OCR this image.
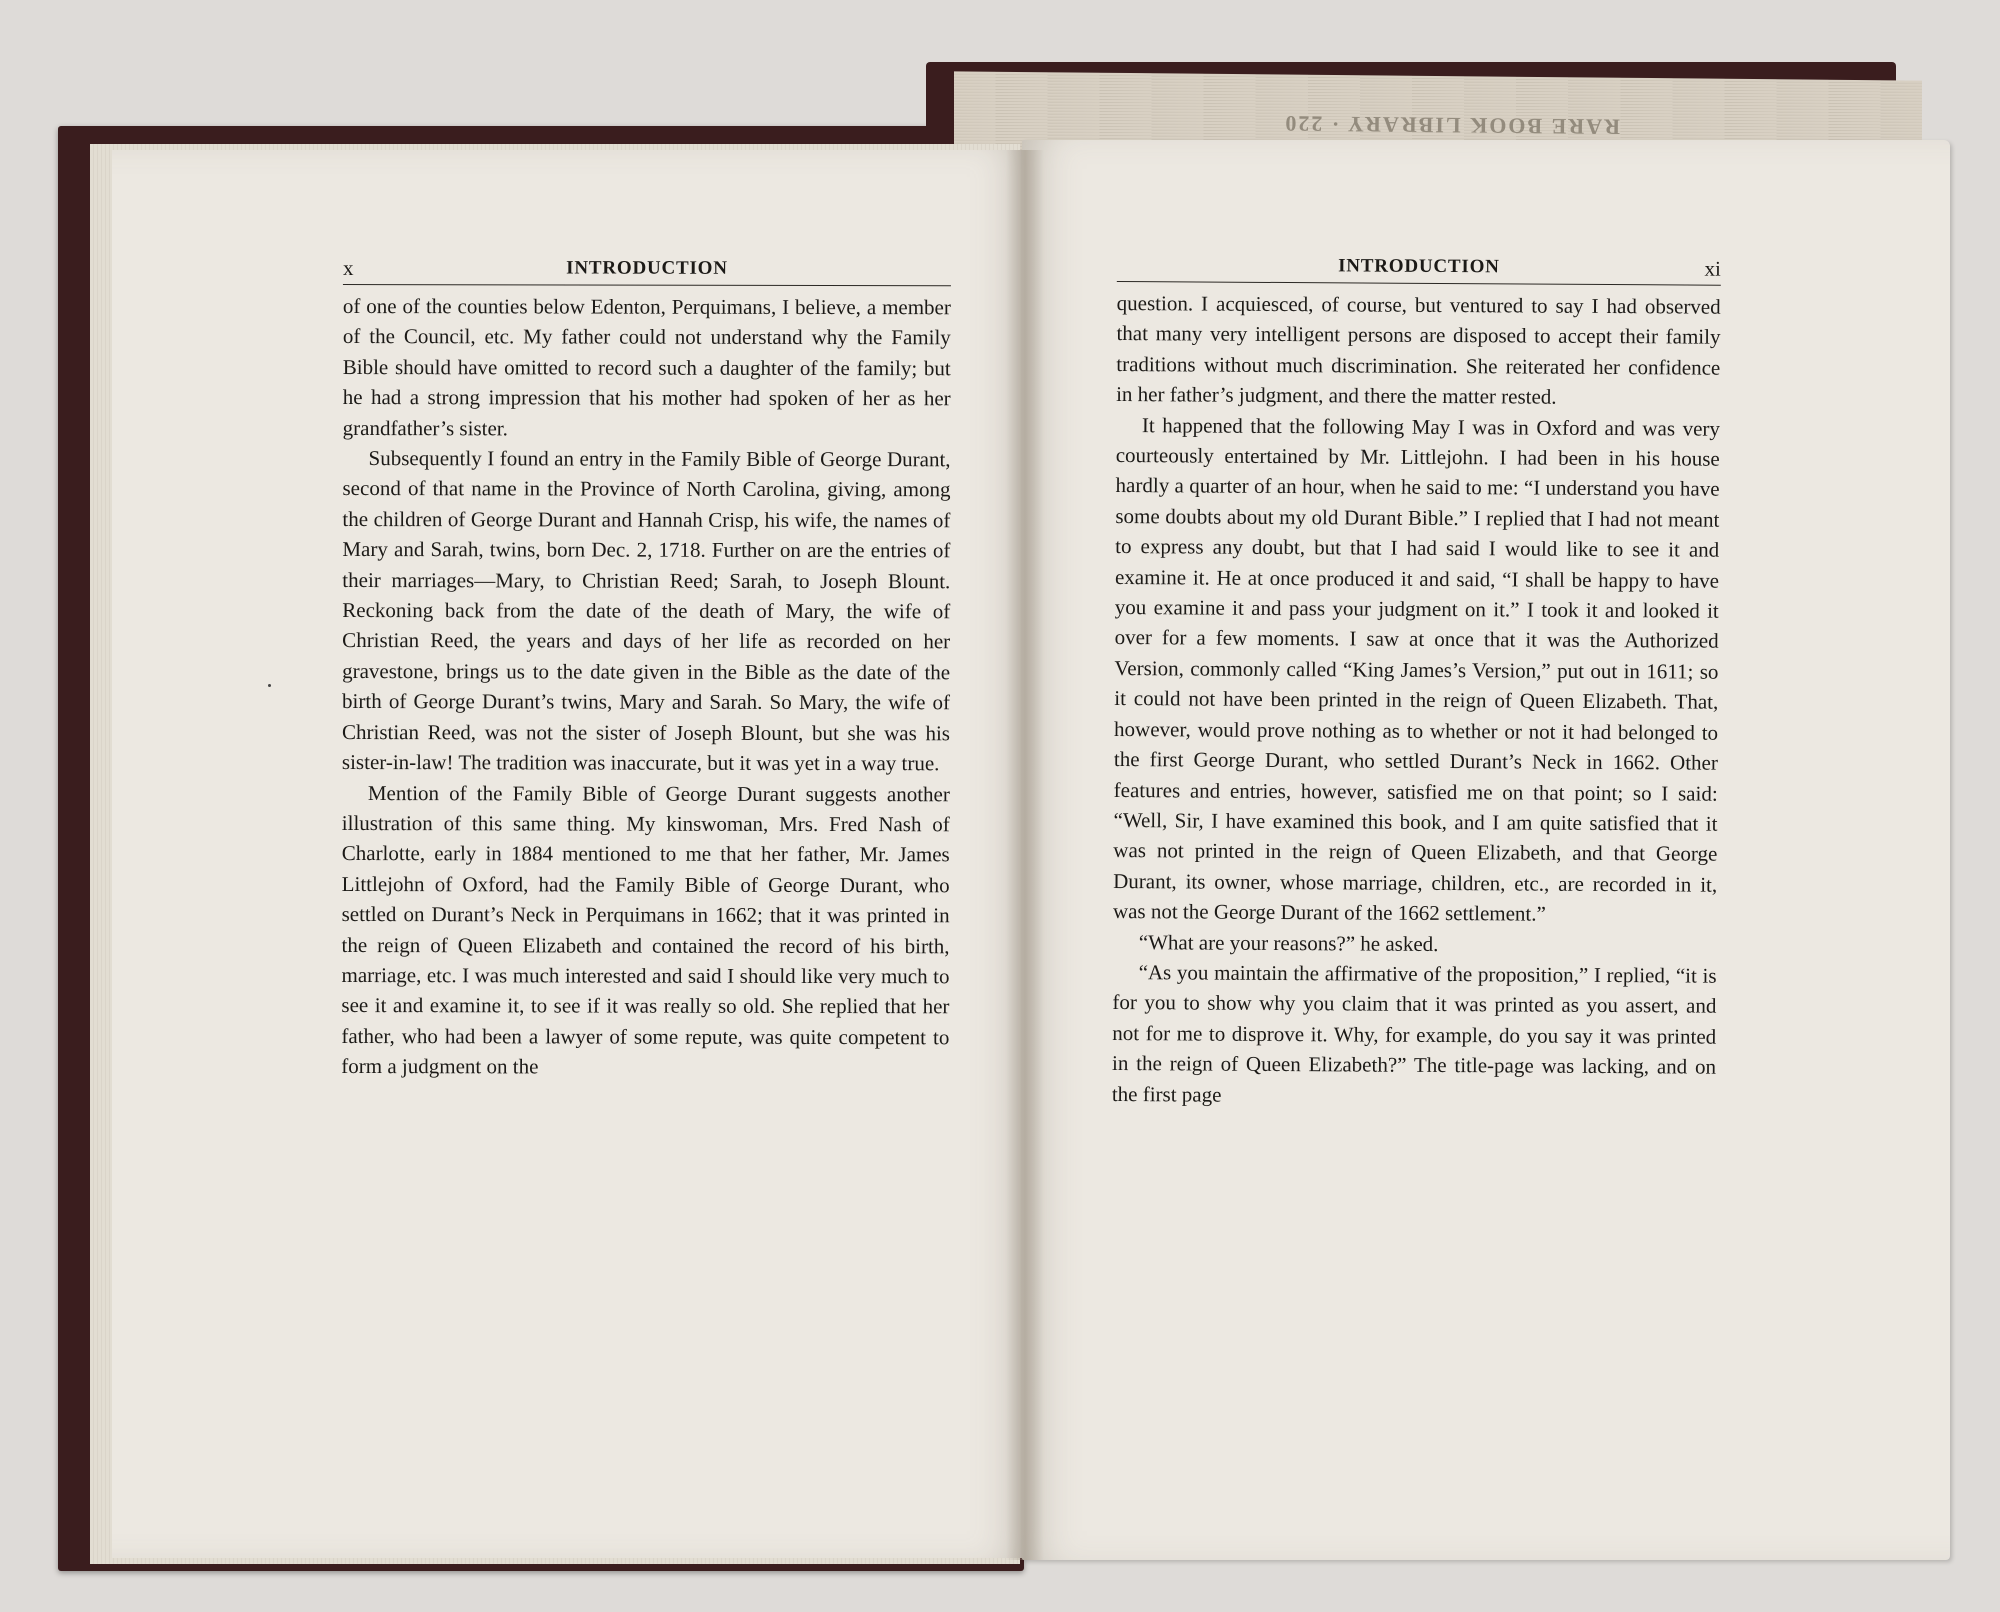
RARE BOOK LIBRARY · 220
x	INTRODUCTION

of one of the counties below Edenton, Perquimans, I believe, a member of the Council, etc. My father could not understand why the Family Bible should have omitted to record such a daughter of the family; but he had a strong impression that his mother had spoken of her as her grandfather’s sister.

Subsequently I found an entry in the Family Bible of George Durant, second of that name in the Province of North Carolina, giving, among the children of George Durant and Hannah Crisp, his wife, the names of Mary and Sarah, twins, born Dec. 2, 1718. Further on are the entries of their marriages—Mary, to Christian Reed; Sarah, to Joseph Blount. Reckoning back from the date of the death of Mary, the wife of Christian Reed, the years and days of her life as recorded on her gravestone, brings us to the date given in the Bible as the date of the birth of George Durant’s twins, Mary and Sarah. So Mary, the wife of Christian Reed, was not the sister of Joseph Blount, but she was his sister-in-law! The tradition was inaccurate, but it was yet in a way true.

Mention of the Family Bible of George Durant suggests another illustration of this same thing. My kinswoman, Mrs. Fred Nash of Charlotte, early in 1884 mentioned to me that her father, Mr. James Littlejohn of Oxford, had the Family Bible of George Durant, who settled on Durant’s Neck in Perquimans in 1662; that it was printed in the reign of Queen Elizabeth and contained the record of his birth, marriage, etc. I was much interested and said I should like very much to see it and examine it, to see if it was really so old. She replied that her father, who had been a lawyer of some repute, was quite competent to form a judgment on the

INTRODUCTION	xi

question. I acquiesced, of course, but ventured to say I had observed that many very intelligent persons are disposed to accept their family traditions without much discrimination. She reiterated her confidence in her father’s judgment, and there the matter rested.

It happened that the following May I was in Oxford and was very courteously entertained by Mr. Littlejohn. I had been in his house hardly a quarter of an hour, when he said to me: “I understand you have some doubts about my old Durant Bible.” I replied that I had not meant to express any doubt, but that I had said I would like to see it and examine it. He at once produced it and said, “I shall be happy to have you examine it and pass your judgment on it.” I took it and looked it over for a few moments. I saw at once that it was the Authorized Version, commonly called “King James’s Version,” put out in 1611; so it could not have been printed in the reign of Queen Elizabeth. That, however, would prove nothing as to whether or not it had belonged to the first George Durant, who settled Durant’s Neck in 1662. Other features and entries, however, satisfied me on that point; so I said: “Well, Sir, I have examined this book, and I am quite satisfied that it was not printed in the reign of Queen Elizabeth, and that George Durant, its owner, whose marriage, children, etc., are recorded in it, was not the George Durant of the 1662 settlement.”

“What are your reasons?” he asked.

“As you maintain the affirmative of the proposition,” I replied, “it is for you to show why you claim that it was printed as you assert, and not for me to disprove it. Why, for example, do you say it was printed in the reign of Queen Elizabeth?” The title-page was lacking, and on the first page
